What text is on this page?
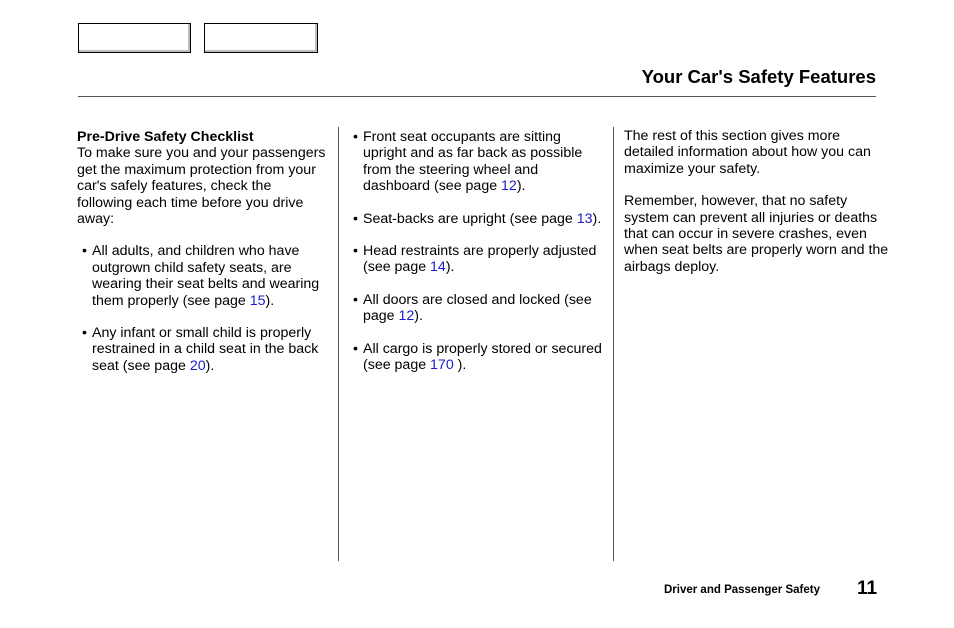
Your Car's Safety Features

Pre-Drive Safety Checklist

To make sure you and your passengers get the maximum protection from your car's safely features, check the following each time before you drive away:

• All adults, and children who have outgrown child safety seats, are wearing their seat belts and wearing them properly (see page 15).

• Any infant or small child is properly restrained in a child seat in the back seat (see page 20).

• Front seat occupants are sitting upright and as far back as possible from the steering wheel and dashboard (see page 12).

• Seat-backs are upright (see page 13).

• Head restraints are properly adjusted (see page 14).

• All doors are closed and locked (see page 12).

• All cargo is properly stored or secured (see page 170 ).

The rest of this section gives more detailed information about how you can maximize your safety.

Remember, however, that no safety system can prevent all injuries or deaths that can occur in severe crashes, even when seat belts are properly worn and the airbags deploy.

Driver and Passenger Safety 11
